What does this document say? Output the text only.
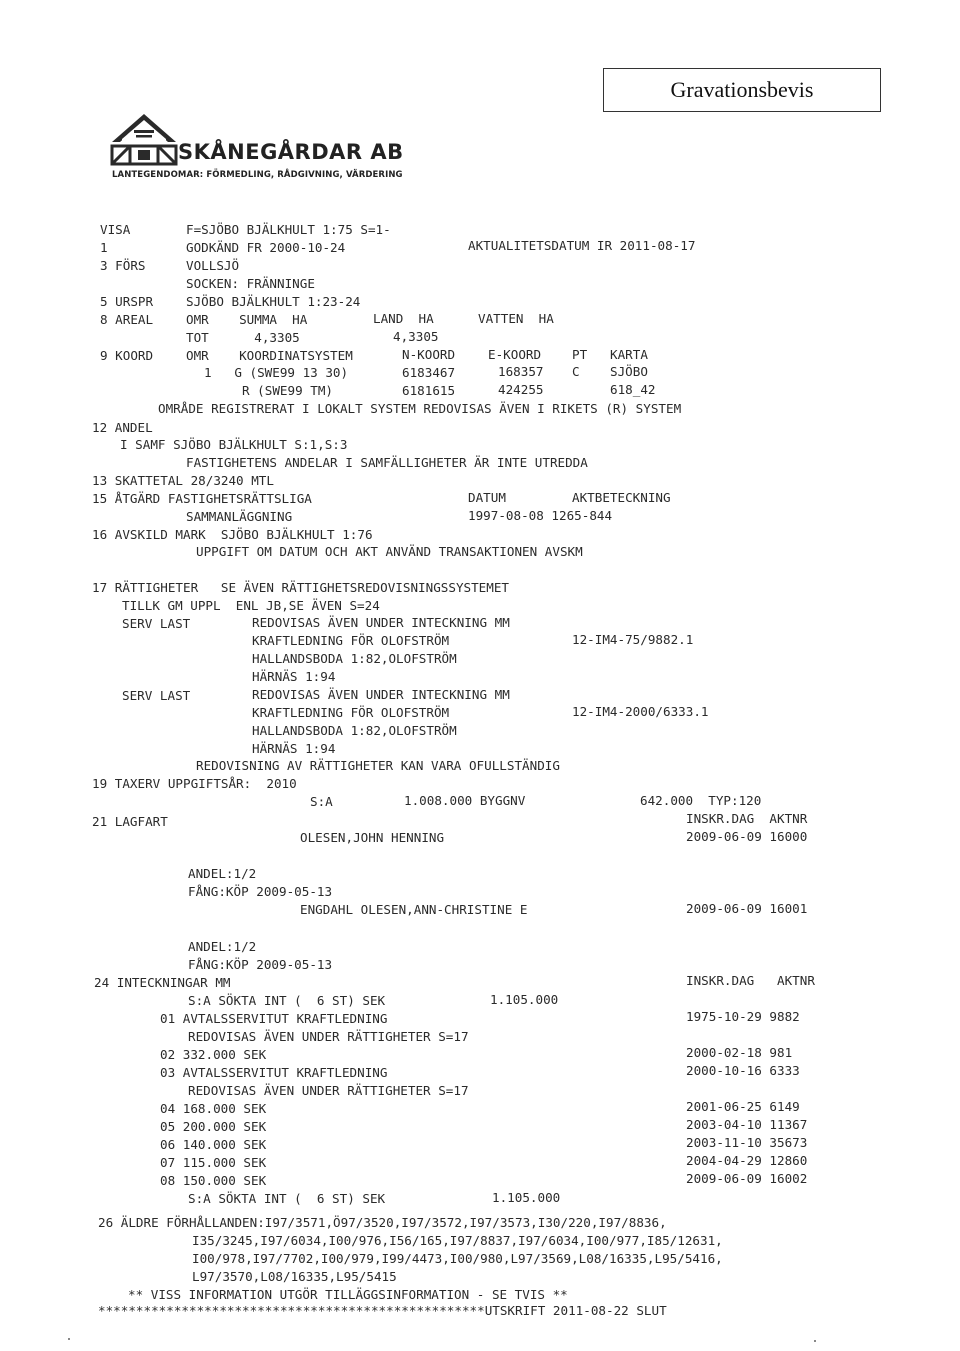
Gravationsbevis
SKÅNEGÅRDAR AB
LANTEGENDOMAR: FÖRMEDLING, RÅDGIVNING, VÄRDERING
VISA	F=SJÖBO BJÄLKHULT 1:75 S=1-
1	GODKÄND FR 2000-10-24	AKTUALITETSDATUM IR 2011-08-17
3 FÖRS	VOLLSJÖ
SOCKEN: FRÄNNINGE
5 URSPR	SJÖBO BJÄLKHULT 1:23-24
8 AREAL	OMR    SUMMA  HA	LAND  HA	VATTEN  HA
TOT      4,3305	4,3305
9 KOORD	OMR    KOORDINATSYSTEM	N-KOORD	E-KOORD PT KARTA
1   G (SWE99 13 30)	6183467	168357 C SJÖBO
R (SWE99 TM)	6181615	424255	618_42
OMRÅDE REGISTRERAT I LOKALT SYSTEM REDOVISAS ÄVEN I RIKETS (R) SYSTEM
12 ANDEL
I SAMF SJÖBO BJÄLKHULT S:1,S:3
FASTIGHETENS ANDELAR I SAMFÄLLIGHETER ÄR INTE UTREDDA
13 SKATTETAL 28/3240 MTL
15 ÅTGÄRD FASTIGHETSRÄTTSLIGA	DATUM	AKTBETECKNING
SAMMANLÄGGNING	1997-08-08 1265-844
16 AVSKILD MARK  SJÖBO BJÄLKHULT 1:76
UPPGIFT OM DATUM OCH AKT ANVÄND TRANSAKTIONEN AVSKM
17 RÄTTIGHETER   SE ÄVEN RÄTTIGHETSREDOVISNINGSSYSTEMET
TILLK GM UPPL  ENL JB,SE ÄVEN S=24
SERV LAST	REDOVISAS ÄVEN UNDER INTECKNING MM
KRAFTLEDNING FÖR OLOFSTRÖM	12-IM4-75/9882.1
HALLANDSBODA 1:82,OLOFSTRÖM
HÄRNÄS 1:94
SERV LAST	REDOVISAS ÄVEN UNDER INTECKNING MM
KRAFTLEDNING FÖR OLOFSTRÖM	12-IM4-2000/6333.1
HALLANDSBODA 1:82,OLOFSTRÖM
HÄRNÄS 1:94
REDOVISNING AV RÄTTIGHETER KAN VARA OFULLSTÄNDIG
19 TAXERV UPPGIFTSÅR:  2010
S:A	1.008.000 BYGGNV	642.000  TYP:120
21 LAGFART	INSKR.DAG  AKTNR
OLESEN,JOHN HENNING	2009-06-09 16000
ANDEL:1/2
FÅNG:KÖP 2009-05-13
ENGDAHL OLESEN,ANN-CHRISTINE E	2009-06-09 16001
ANDEL:1/2
FÅNG:KÖP 2009-05-13
24 INTECKNINGAR MM	INSKR.DAG   AKTNR
S:A SÖKTA INT (  6 ST) SEK	1.105.000
01 AVTALSSERVITUT KRAFTLEDNING	1975-10-29 9882
REDOVISAS ÄVEN UNDER RÄTTIGHETER S=17
02 332.000 SEK	2000-02-18 981
03 AVTALSSERVITUT KRAFTLEDNING	2000-10-16 6333
REDOVISAS ÄVEN UNDER RÄTTIGHETER S=17
04 168.000 SEK	2001-06-25 6149
05 200.000 SEK	2003-04-10 11367
06 140.000 SEK	2003-11-10 35673
07 115.000 SEK	2004-04-29 12860
08 150.000 SEK	2009-06-09 16002
S:A SÖKTA INT (  6 ST) SEK	1.105.000
26 ÄLDRE FÖRHÅLLANDEN:I97/3571,Ö97/3520,I97/3572,I97/3573,I30/220,I97/8836,
I35/3245,I97/6034,I00/976,I56/165,I97/8837,I97/6034,I00/977,I85/12631,
I00/978,I97/7702,I00/979,I99/4473,I00/980,L97/3569,L08/16335,L95/5416,
L97/3570,L08/16335,L95/5415
** VISS INFORMATION UTGÖR TILLÄGGSINFORMATION - SE TVIS **
***************************************************UTSKRIFT 2011-08-22 SLUT
